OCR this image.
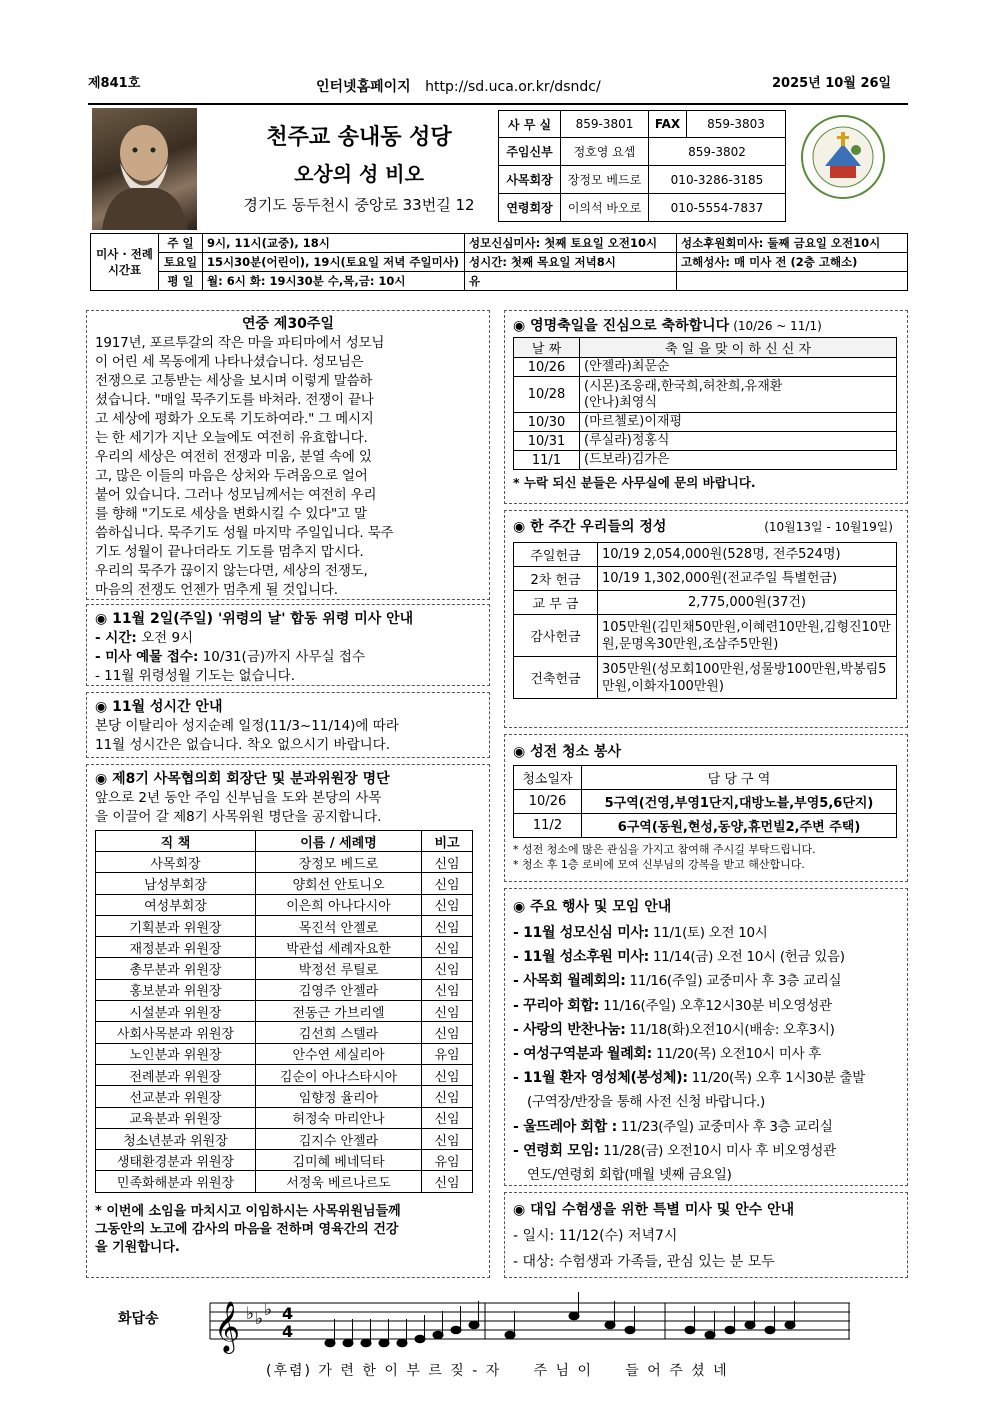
제841호	인터넷홈페이지 http://sd.uca.or.kr/dsndc/	2025년 10월 26일
천주교 송내동 성당
오상의 성 비오
경기도 동두천시 중앙로 33번길 12
사 무 실	859-3801	FAX	859-3803
주임신부	정호영 요셉	859-3802	
사목회장	장정모 베드로	010-3286-3185	
연령회장	이의석 바오로	010-5554-7837	
미사 · 전례
시간표	주 일	9시, 11시(교중), 18시	성모신심미사: 첫째 토요일 오전10시	성소후원회미사: 둘째 금요일 오전10시
	토요일	15시30분(어린이), 19시(토요일 저녁 주일미사)	성시간: 첫째 목요일 저녁8시	고해성사: 매 미사 전 (2층 고해소)
	평 일	월: 6시 화: 19시30분 수,목,금: 10시	유	
연중 제30주일
1917년, 포르투갈의 작은 마을 파티마에서 성모님
이 어린 세 목동에게 나타나셨습니다. 성모님은
전쟁으로 고통받는 세상을 보시며 이렇게 말씀하
셨습니다. "매일 묵주기도를 바쳐라. 전쟁이 끝나
고 세상에 평화가 오도록 기도하여라." 그 메시지
는 한 세기가 지난 오늘에도 여전히 유효합니다.
우리의 세상은 여전히 전쟁과 미움, 분열 속에 있
고, 많은 이들의 마음은 상처와 두려움으로 얼어
붙어 있습니다. 그러나 성모님께서는 여전히 우리
를 향해 "기도로 세상을 변화시킬 수 있다"고 말
씀하십니다. 묵주기도 성월 마지막 주일입니다. 묵주
기도 성월이 끝나더라도 기도를 멈추지 맙시다.
우리의 묵주가 끊이지 않는다면, 세상의 전쟁도,
마음의 전쟁도 언젠가 멈추게 될 것입니다.
◉ 11월 2일(주일) '위령의 날' 합동 위령 미사 안내
- 시간: 오전 9시
- 미사 예물 접수: 10/31(금)까지 사무실 접수
- 11월 위령성월 기도는 없습니다.
◉ 11월 성시간 안내
본당 이탈리아 성지순례 일정(11/3~11/14)에 따라
11월 성시간은 없습니다. 착오 없으시기 바랍니다.
◉ 제8기 사목협의회 회장단 및 분과위원장 명단
앞으로 2년 동안 주임 신부님을 도와 본당의 사목
을 이끌어 갈 제8기 사목위원 명단을 공지합니다.
직 책	이름 / 세례명	비고
사목회장	장정모 베드로	신임
남성부회장	양회선 안토니오	신임
여성부회장	이은희 아나다시아	신임
기획분과 위원장	목진석 안젤로	신임
재정분과 위원장	박관섭 세례자요한	신임
총무분과 위원장	박정선 루틸로	신임
홍보분과 위원장	김영주 안젤라	신임
시설분과 위원장	전동근 가브리엘	신임
사회사목분과 위원장	김선희 스텔라	신임
노인분과 위원장	안수연 세실리아	유임
전례분과 위원장	김순이 아나스타시아	신임
선교분과 위원장	임향정 율리아	신임
교육분과 위원장	허정숙 마리안나	신임
청소년분과 위원장	김지수 안젤라	신임
생태환경분과 위원장	김미혜 베네딕타	유임
민족화해분과 위원장	서정욱 베르나르도	신임
* 이번에 소임을 마치시고 이임하시는 사목위원님들께
그동안의 노고에 감사의 마음을 전하며 영육간의 건강
을 기원합니다.
◉ 영명축일을 진심으로 축하합니다 (10/26 ~ 11/1)
날 짜	축 일 을 맞 이 하 신 신 자
10/26	(안젤라)최문순

10/28	(시몬)조웅래,한국희,허찬희,유재환
(안나)최영식

10/30	(마르첼로)이재평

10/31	(루실라)정홍식

11/1	(드보라)김가은
* 누락 되신 분들은 사무실에 문의 바랍니다.
◉ 한 주간 우리들의 정성	(10월13일 - 10월19일)
주일헌금	10/19 2,054,000원(528명, 전주524명)
2차 헌금	10/19 1,302,000원(전교주일 특별헌금)
교 무 금	2,775,000원(37건)
감사헌금	105만원(김민채50만원,이혜련10만원,김형진10만원,문명옥30만원,조삼주5만원)
건축헌금	305만원(성모회100만원,성물방100만원,박봉림5만원,이화자100만원)
◉ 성전 청소 봉사
청소일자	담 당 구 역
10/26	5구역(건영,부영1단지,대방노블,부영5,6단지)
11/2	6구역(동원,현성,동양,휴먼빌2,주변 주택)
* 성전 청소에 많은 관심을 가지고 참여해 주시길 부탁드립니다.
* 청소 후 1층 로비에 모여 신부님의 강복을 받고 해산합니다.
◉ 주요 행사 및 모임 안내
- 11월 성모신심 미사: 11/1(토) 오전 10시
- 11월 성소후원 미사: 11/14(금) 오전 10시 (헌금 있음)
- 사목회 월례회의: 11/16(주일) 교중미사 후 3층 교리실
- 꾸리아 회합: 11/16(주일) 오후12시30분 비오영성관
- 사랑의 반찬나눔: 11/18(화)오전10시(배송: 오후3시)
- 여성구역분과 월례회: 11/20(목) 오전10시 미사 후
- 11월 환자 영성체(봉성체): 11/20(목) 오후 1시30분 출발
(구역장/반장을 통해 사전 신청 바랍니다.)
- 울뜨레아 회합 : 11/23(주일) 교중미사 후 3층 교리실
- 연령회 모임: 11/28(금) 오전10시 미사 후 비오영성관
연도/연령회 회합(매월 넷째 금요일)
◉ 대입 수험생을 위한 특별 미사 및 안수 안내
- 일시: 11/12(수) 저녁7시
- 대상: 수험생과 가족들, 관심 있는 분 모두
화답송 𝄞 ♭ ♭ ♭ 4
4
(후렴) 가 련 한 이 부 르 짖 - 자     주 님 이     들 어 주 셨 네
